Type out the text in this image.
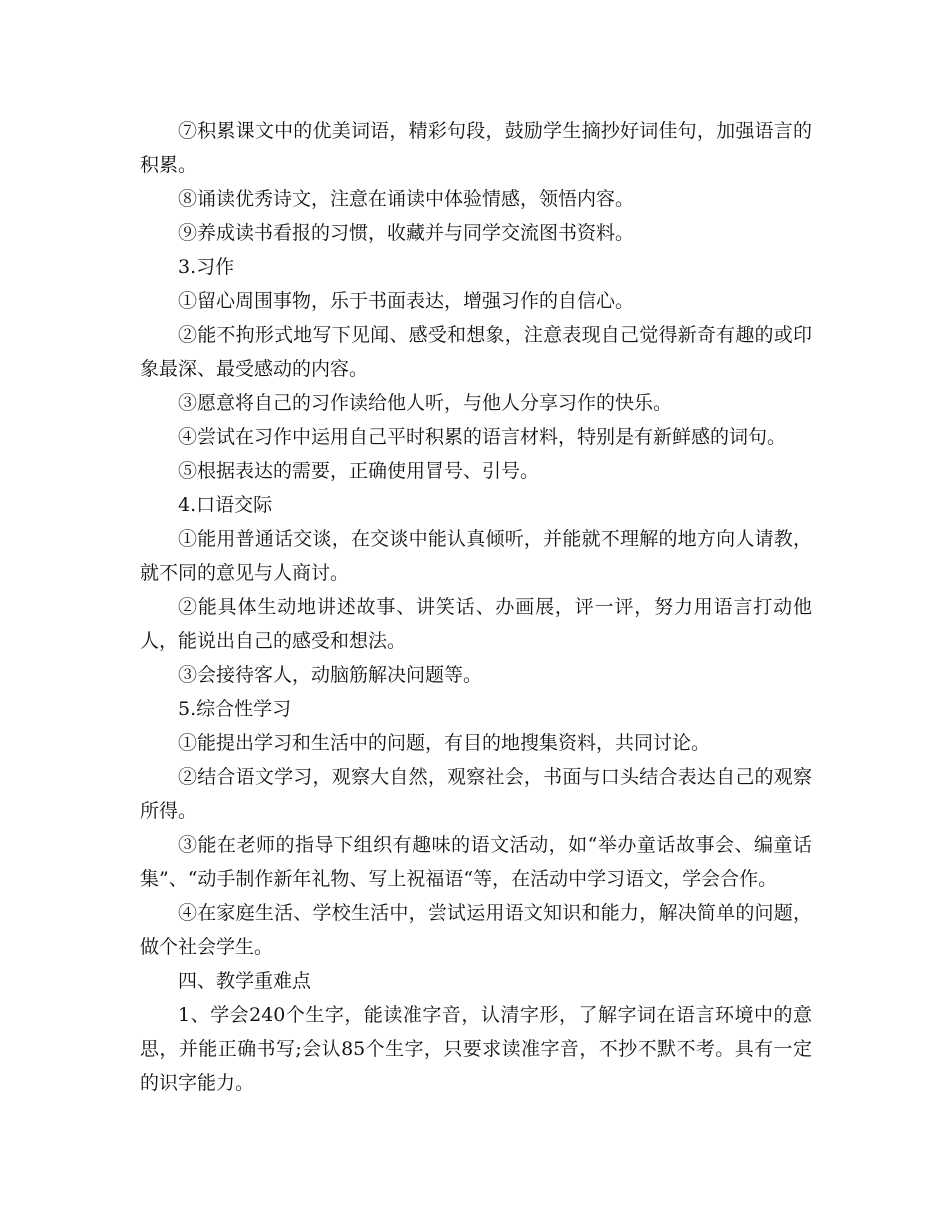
⑦积累课文中的优美词语，精彩句段，鼓励学生摘抄好词佳句，加强语言的积累。

⑧诵读优秀诗文，注意在诵读中体验情感，领悟内容。

⑨养成读书看报的习惯，收藏并与同学交流图书资料。

3.习作

①留心周围事物，乐于书面表达，增强习作的自信心。

②能不拘形式地写下见闻、感受和想象，注意表现自己觉得新奇有趣的或印象最深、最受感动的内容。

③愿意将自己的习作读给他人听，与他人分享习作的快乐。

④尝试在习作中运用自己平时积累的语言材料，特别是有新鲜感的词句。

⑤根据表达的需要，正确使用冒号、引号。

4.口语交际

①能用普通话交谈，在交谈中能认真倾听，并能就不理解的地方向人请教，就不同的意见与人商讨。

②能具体生动地讲述故事、讲笑话、办画展，评一评，努力用语言打动他人，能说出自己的感受和想法。

③会接待客人，动脑筋解决问题等。

5.综合性学习

①能提出学习和生活中的问题，有目的地搜集资料，共同讨论。

②结合语文学习，观察大自然，观察社会，书面与口头结合表达自己的观察所得。

③能在老师的指导下组织有趣味的语文活动，如“举办童话故事会、编童话集”、“动手制作新年礼物、写上祝福语“等，在活动中学习语文，学会合作。

④在家庭生活、学校生活中，尝试运用语文知识和能力，解决简单的问题，做个社会学生。

四、教学重难点

1、学会240个生字，能读准字音，认清字形，了解字词在语言环境中的意思，并能正确书写;会认85个生字，只要求读准字音，不抄不默不考。具有一定的识字能力。
